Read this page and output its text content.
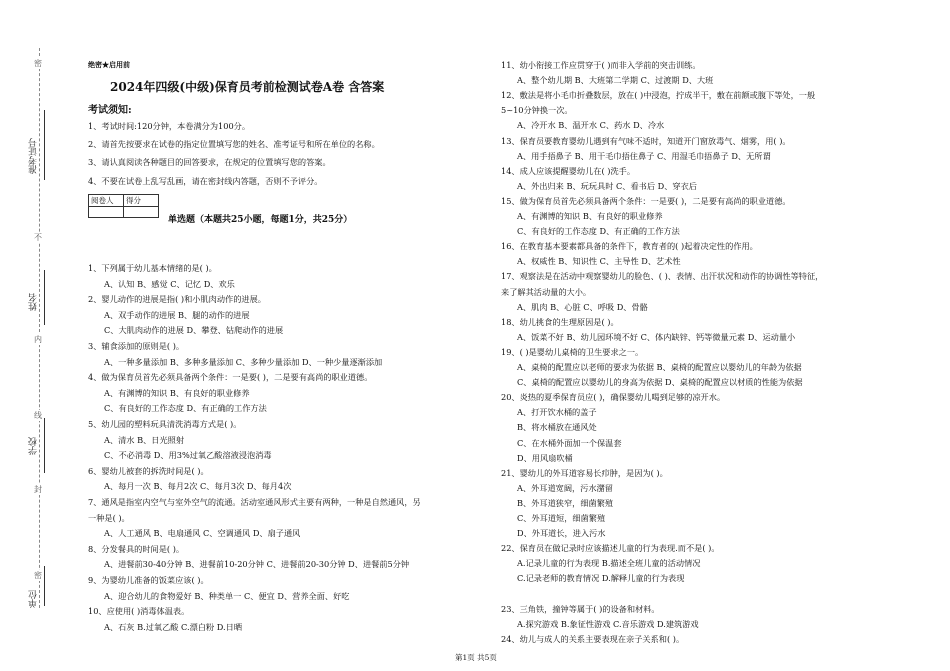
密
不
内
线
封
密
准考证号
姓名
学校
单位
绝密★启用前
2024年四级(中级)保育员考前检测试卷A卷 含答案
考试须知:
1、考试时间:120分钟，本卷满分为100分。
2、请首先按要求在试卷的指定位置填写您的姓名、准考证号和所在单位的名称。
3、请认真阅读各种题目的回答要求，在规定的位置填写您的答案。
4、不要在试卷上乱写乱画，请在密封线内答题，否则不予评分。
阅卷人	得分

单选题（本题共25小题，每题1分，共25分）
1、下列属于幼儿基本情绪的是( )。
A、认知 B、感觉 C、记忆 D、欢乐
2、婴儿动作的进展是指( )和小肌肉动作的进展。
A、双手动作的进展 B、腿的动作的进展
C、大肌肉动作的进展 D、攀登、钻爬动作的进展
3、辅食添加的原则是( )。
A、一种多量添加 B、多种多量添加 C、多种少量添加 D、一种少量逐渐添加
4、做为保育员首先必须具备两个条件：一是要( )，二是要有高尚的职业道德。
A、有渊博的知识 B、有良好的职业修养
C、有良好的工作态度 D、有正确的工作方法
5、幼儿园的塑料玩具清洗消毒方式是( )。
A、清水 B、日光照射
C、不必消毒 D、用3%过氧乙酸溶液浸泡消毒
6、婴幼儿被套的拆洗时间是( )。
A、每月一次 B、每月2次 C、每月3次 D、每月4次
7、通风是指室内空气与室外空气的流通。活动室通风形式主要有两种，一种是自然通风，另
一种是( )。
A、人工通风 B、电扇通风 C、空调通风 D、扇子通风
8、分发餐具的时间是( )。
A、进餐前30-40分钟 B、进餐前10-20分钟 C、进餐前20-30分钟 D、进餐前5分钟
9、为婴幼儿准备的饭菜应该( )。
A、迎合幼儿的食物爱好 B、种类单一 C、便宜 D、营养全面、好吃
10、应使用( )消毒体温表。
A、石灰 B.过氧乙酸 C.漂白粉 D.日晒
11、幼小衔接工作应贯穿于( )而非入学前的突击训练。
A、整个幼儿期 B、大班第二学期 C、过渡期 D、大班
12、敷法是将小毛巾折叠数层，放在( )中浸泡，拧成半干，敷在前额或腹下等处，一般
5~10分钟换一次。
A、冷开水 B、温开水 C、药水 D、冷水
13、保育员要教育婴幼儿遇到有气味不适时，知道开门窗放毒气、烟雾，用( )。
A、用手捂鼻子 B、用干毛巾捂住鼻子 C、用湿毛巾捂鼻子 D、无所谓
14、成人应该提醒婴幼儿在( )洗手。
A、外出归来 B、玩玩具时 C、看书后 D、穿衣后
15、做为保育员首先必须具备两个条件：一是要( )，二是要有高尚的职业道德。
A、有渊博的知识 B、有良好的职业修养
C、有良好的工作态度 D、有正确的工作方法
16、在教育基本要素都具备的条件下，教育者的( )起着决定性的作用。
A、权威性 B、知识性 C、主导性 D、艺术性
17、观察法是在活动中观察婴幼儿的脸色、( )、表情、出汗状况和动作的协调性等特征，
来了解其活动量的大小。
A、肌肉 B、心脏 C、呼吸 D、骨骼
18、幼儿挑食的生理原因是( )。
A、饭菜不好 B、幼儿园环境不好 C、体内缺锌、钙等微量元素 D、运动量小
19、( )是婴幼儿桌椅的卫生要求之一。
A、桌椅的配置应以老师的要求为依据 B、桌椅的配置应以婴幼儿的年龄为依据
C、桌椅的配置应以婴幼儿的身高为依据 D、桌椅的配置应以材质的性能为依据
20、炎热的夏季保育员应( )，确保婴幼儿喝到足够的凉开水。
A、打开饮水桶的盖子
B、将水桶放在通风处
C、在水桶外面加一个保温套
D、用风扇吹桶
21、婴幼儿的外耳道容易长疖肿，是因为( )。
A、外耳道宽阔，污水潴留
B、外耳道狭窄，细菌繁殖
C、外耳道短，细菌繁殖
D、外耳道长，进入污水
22、保育员在做记录时应该描述儿童的行为表现.而不是( )。
A.记录儿童的行为表现 B.描述全班儿童的活动情况
C.记录老师的教育情况 D.解释儿童的行为表现
23、三角铁，撞钟等属于( )的设备和材料。
A.探究游戏 B.象征性游戏 C.音乐游戏 D.建筑游戏
24、幼儿与成人的关系主要表现在亲子关系和( )。
第1页 共5页
